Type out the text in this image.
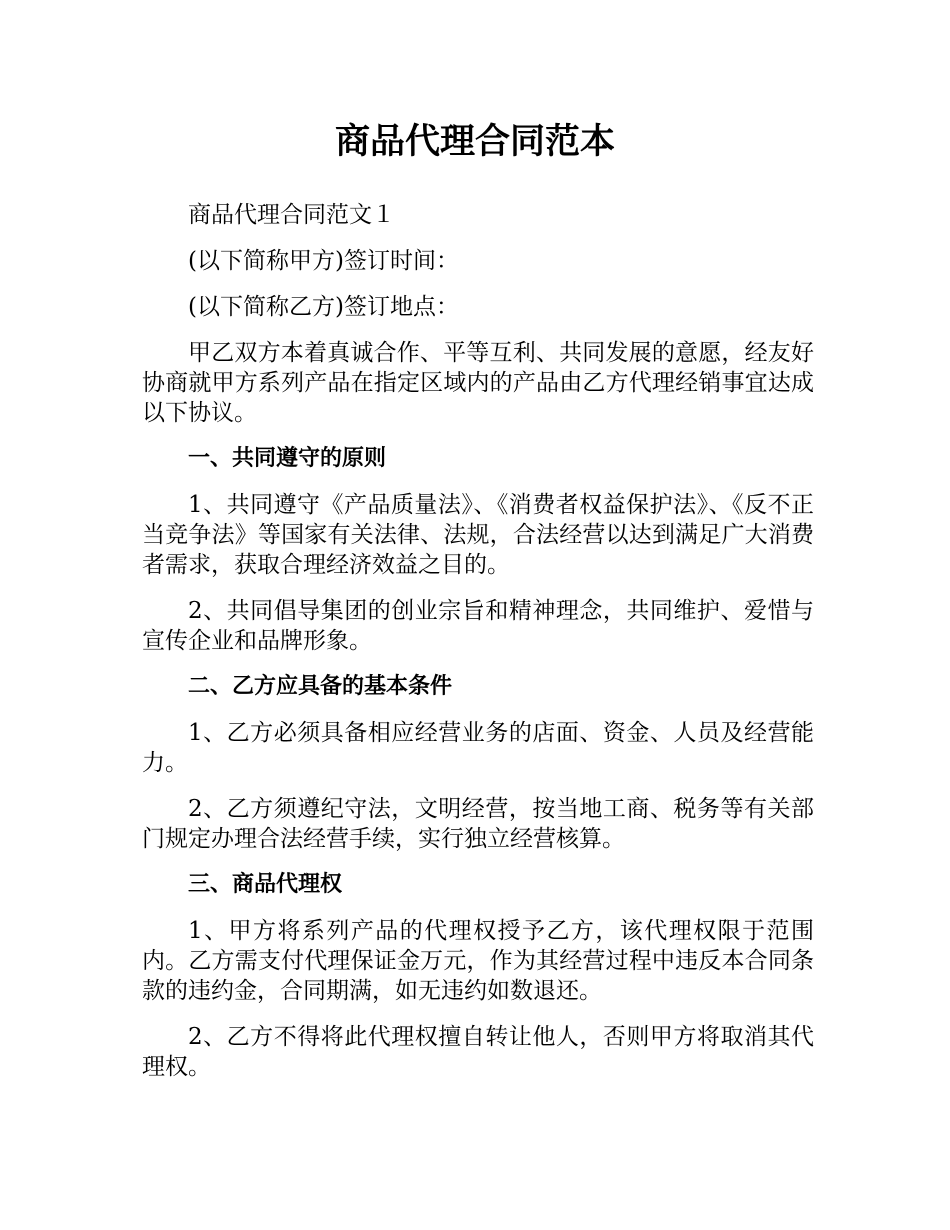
商品代理合同范本

商品代理合同范文１

(以下简称甲方)签订时间：

(以下简称乙方)签订地点：

甲乙双方本着真诚合作、平等互利、共同发展的意愿，经友好协商就甲方系列产品在指定区域内的产品由乙方代理经销事宜达成以下协议。

一、共同遵守的原则

1、共同遵守《产品质量法》、《消费者权益保护法》、《反不正当竞争法》等国家有关法律、法规，合法经营以达到满足广大消费者需求，获取合理经济效益之目的。

2、共同倡导集团的创业宗旨和精神理念，共同维护、爱惜与宣传企业和品牌形象。

二、乙方应具备的基本条件

1、乙方必须具备相应经营业务的店面、资金、人员及经营能力。

2、乙方须遵纪守法，文明经营，按当地工商、税务等有关部门规定办理合法经营手续，实行独立经营核算。

三、商品代理权

1、甲方将系列产品的代理权授予乙方，该代理权限于范围内。乙方需支付代理保证金万元，作为其经营过程中违反本合同条款的违约金，合同期满，如无违约如数退还。

2、乙方不得将此代理权擅自转让他人，否则甲方将取消其代理权。
